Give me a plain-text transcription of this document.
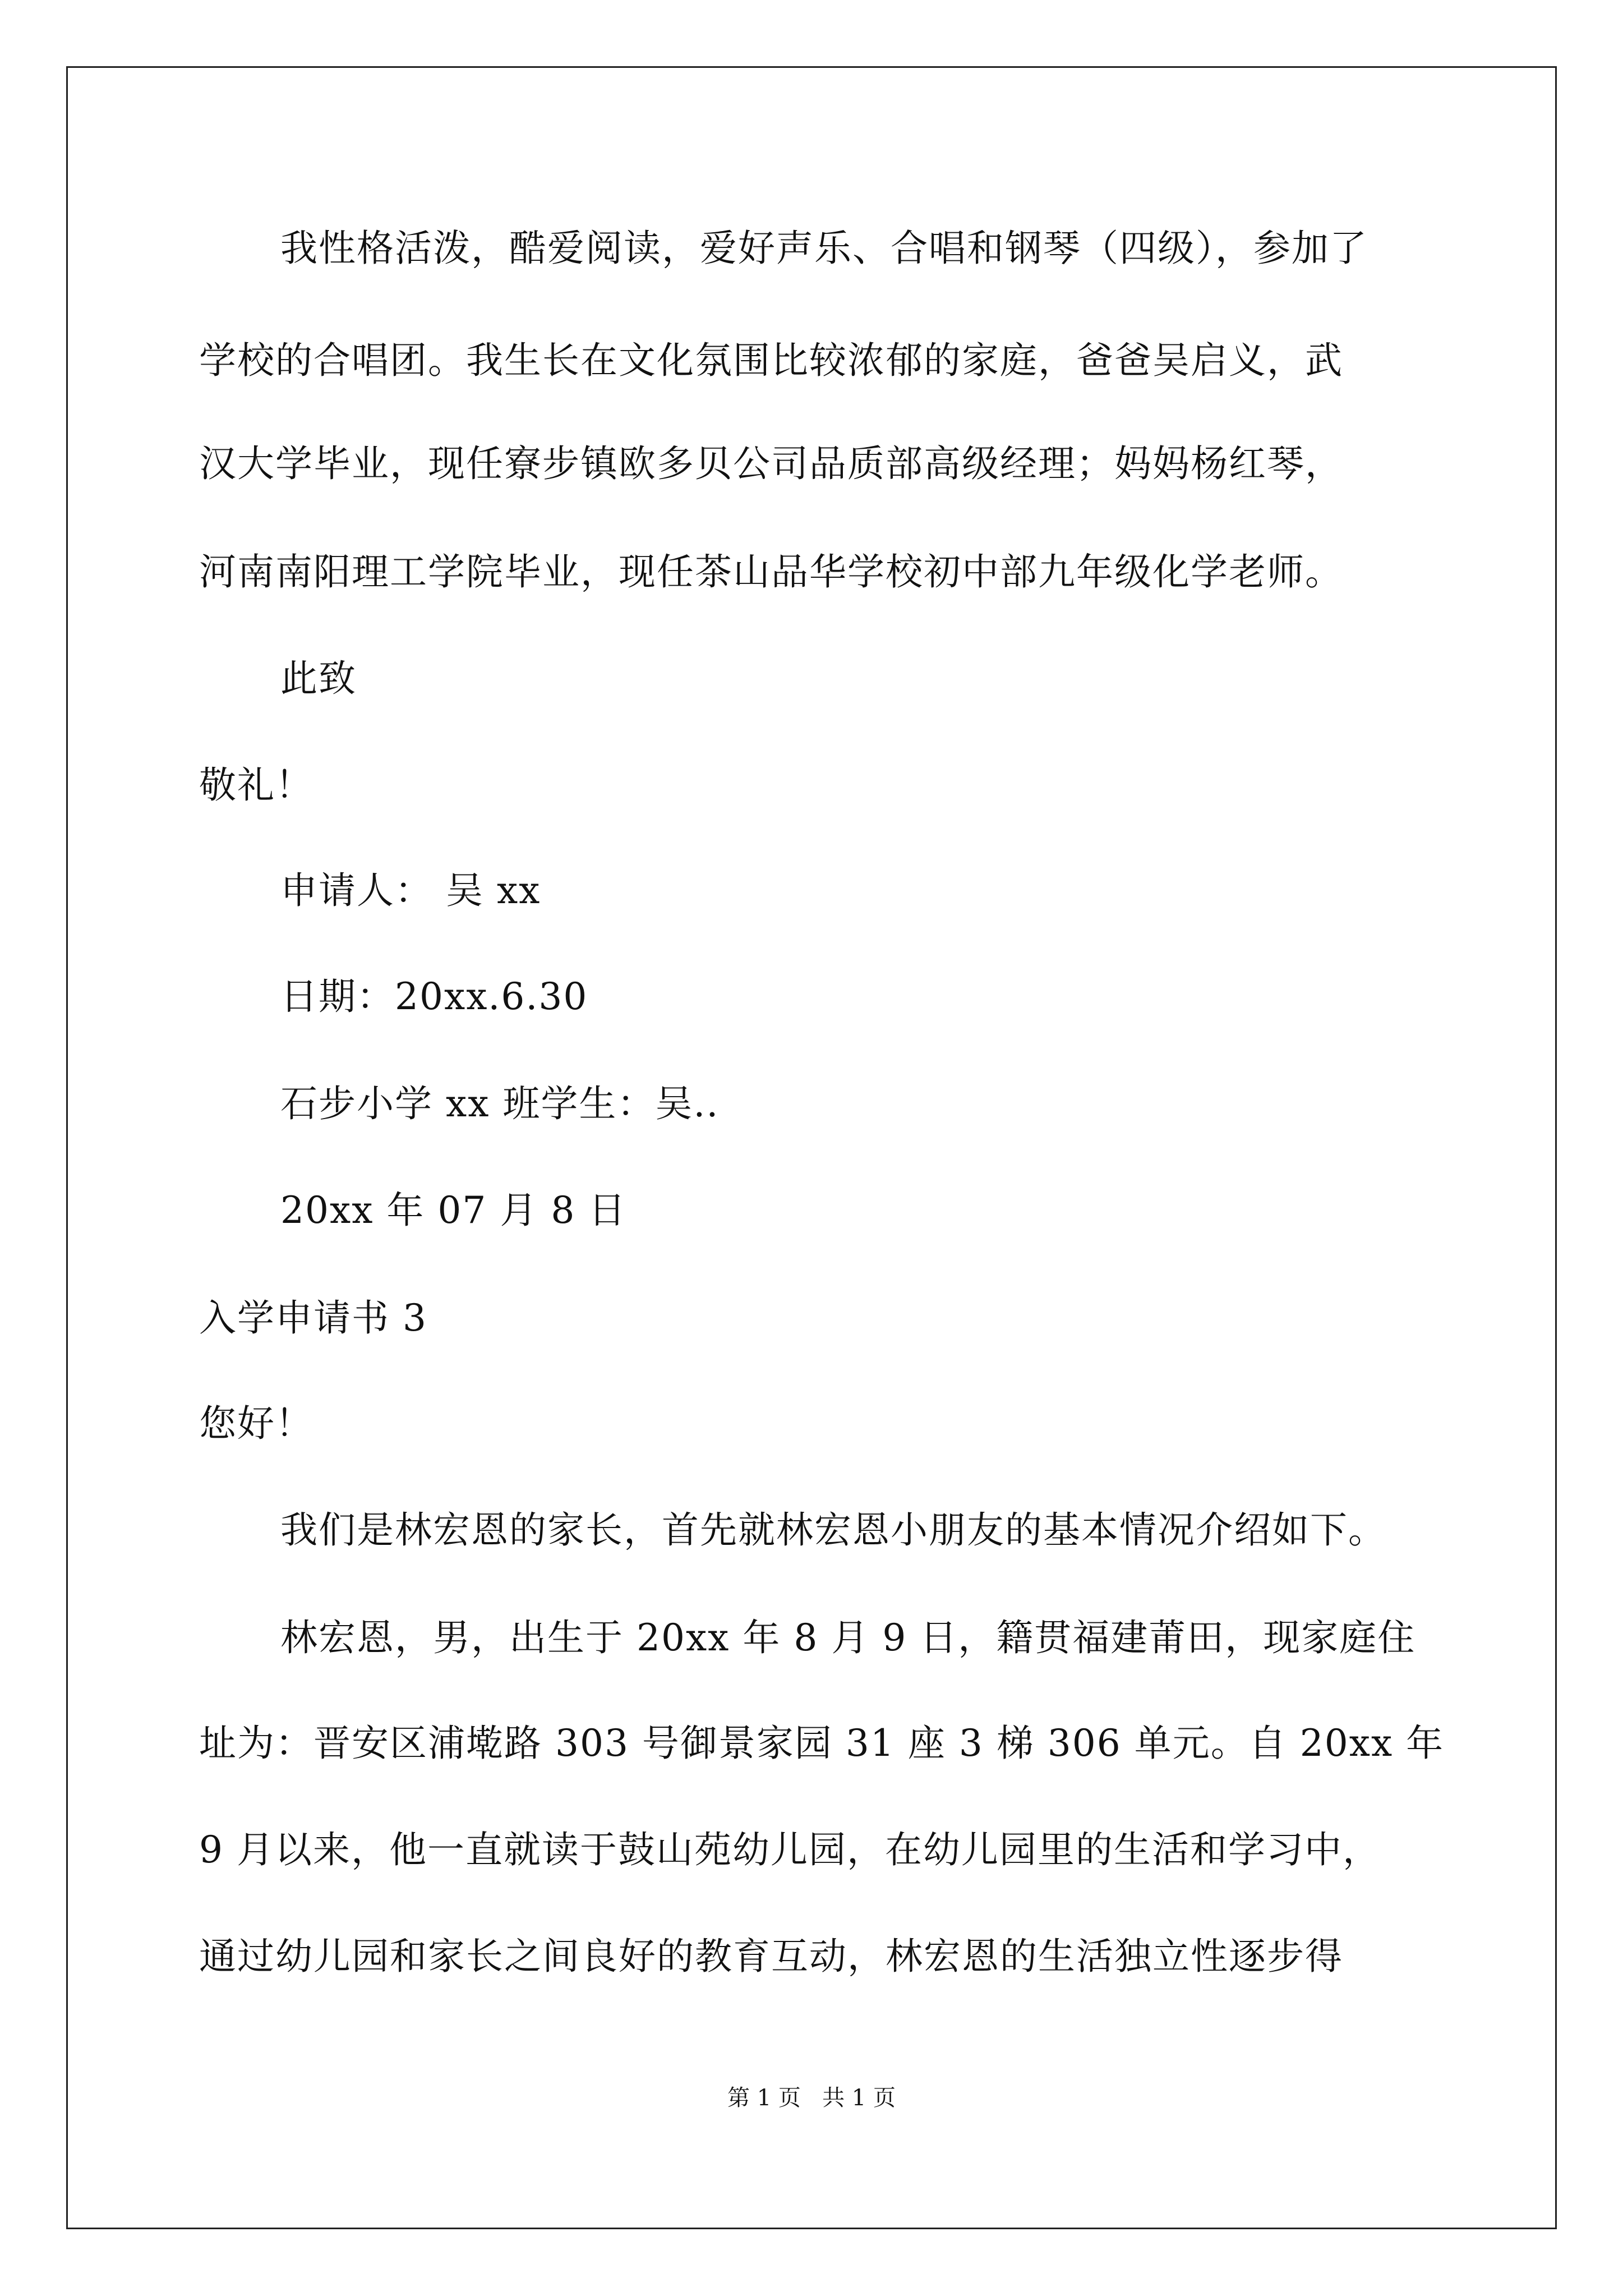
我性格活泼，酷爱阅读，爱好声乐、合唱和钢琴（四级），参加了
学校的合唱团。我生长在文化氛围比较浓郁的家庭，爸爸吴启义，武
汉大学毕业，现任寮步镇欧多贝公司品质部高级经理；妈妈杨红琴，
河南南阳理工学院毕业，现任茶山品华学校初中部九年级化学老师。
此致
敬礼！
申请人： 吴 xx
日期：20xx.6.30
石步小学 xx 班学生：吴..
20xx 年 07 月 8 日
入学申请书 3
您好！
我们是林宏恩的家长，首先就林宏恩小朋友的基本情况介绍如下。
林宏恩，男，出生于 20xx 年 8 月 9 日，籍贯福建莆田，现家庭住
址为：晋安区浦墘路 303 号御景家园 31 座 3 梯 306 单元。自 20xx 年
9 月以来，他一直就读于鼓山苑幼儿园，在幼儿园里的生活和学习中，
通过幼儿园和家长之间良好的教育互动，林宏恩的生活独立性逐步得
第 1 页   共 1 页
